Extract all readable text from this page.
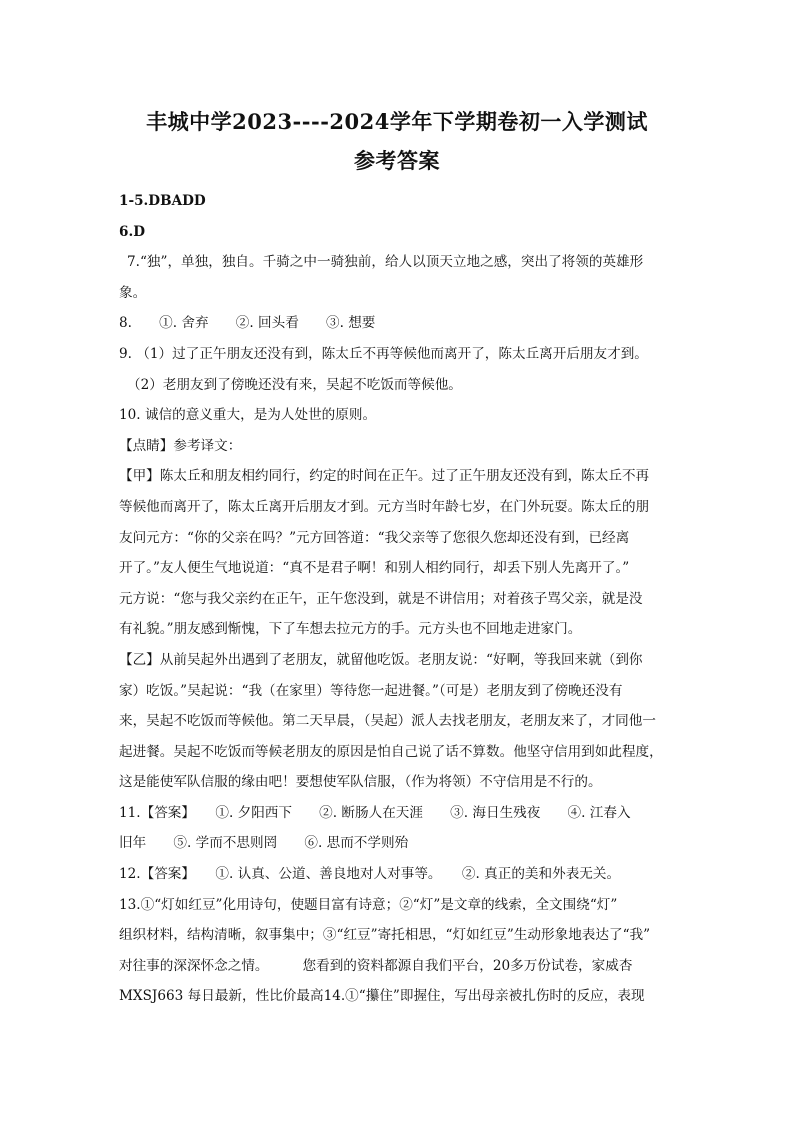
丰城中学2023----2024学年下学期卷初一入学测试
参考答案
1-5.DBADD
6.D
7.“独”，单独，独自。千骑之中一骑独前，给人以顶天立地之感，突出了将领的英雄形
象。
8.　　①. 舍弃　　②. 回头看　　③. 想要
9. （1）过了正午朋友还没有到，陈太丘不再等候他而离开了，陈太丘离开后朋友才到。
（2）老朋友到了傍晚还没有来，吴起不吃饭而等候他。
10. 诚信的意义重大，是为人处世的原则。
【点睛】参考译文：
【甲】陈太丘和朋友相约同行，约定的时间在正午。过了正午朋友还没有到，陈太丘不再
等候他而离开了，陈太丘离开后朋友才到。元方当时年龄七岁，在门外玩耍。陈太丘的朋
友问元方：“你的父亲在吗？”元方回答道：“我父亲等了您很久您却还没有到，已经离
开了。”友人便生气地说道：“真不是君子啊！和别人相约同行，却丢下别人先离开了。”
元方说：“您与我父亲约在正午，正午您没到，就是不讲信用；对着孩子骂父亲，就是没
有礼貌。”朋友感到惭愧，下了车想去拉元方的手。元方头也不回地走进家门。
【乙】从前吴起外出遇到了老朋友，就留他吃饭。老朋友说：“好啊，等我回来就（到你
家）吃饭。”吴起说：“我（在家里）等待您一起进餐。”（可是）老朋友到了傍晚还没有
来，吴起不吃饭而等候他。第二天早晨，（吴起）派人去找老朋友，老朋友来了，才同他一
起进餐。吴起不吃饭而等候老朋友的原因是怕自己说了话不算数。他坚守信用到如此程度，
这是能使军队信服的缘由吧！要想使军队信服，（作为将领）不守信用是不行的。
11.【答案】　　①. 夕阳西下　　②. 断肠人在天涯　　③. 海日生残夜　　④. 江春入
旧年　　⑤. 学而不思则罔　　⑥. 思而不学则殆
12.【答案】　　①. 认真、公道、善良地对人对事等。　　②. 真正的美和外表无关。
13.①“灯如红豆”化用诗句，使题目富有诗意；②“灯”是文章的线索，全文围绕“灯”
组织材料，结构清晰，叙事集中；③“红豆”寄托相思，“灯如红豆”生动形象地表达了“我”
对往事的深深怀念之情。　　　您看到的资料都源自我们平台，20多万份试卷，家威杏
MXSJ663 每日最新，性比价最高14.①“攥住”即握住，写出母亲被扎伤时的反应，表现
